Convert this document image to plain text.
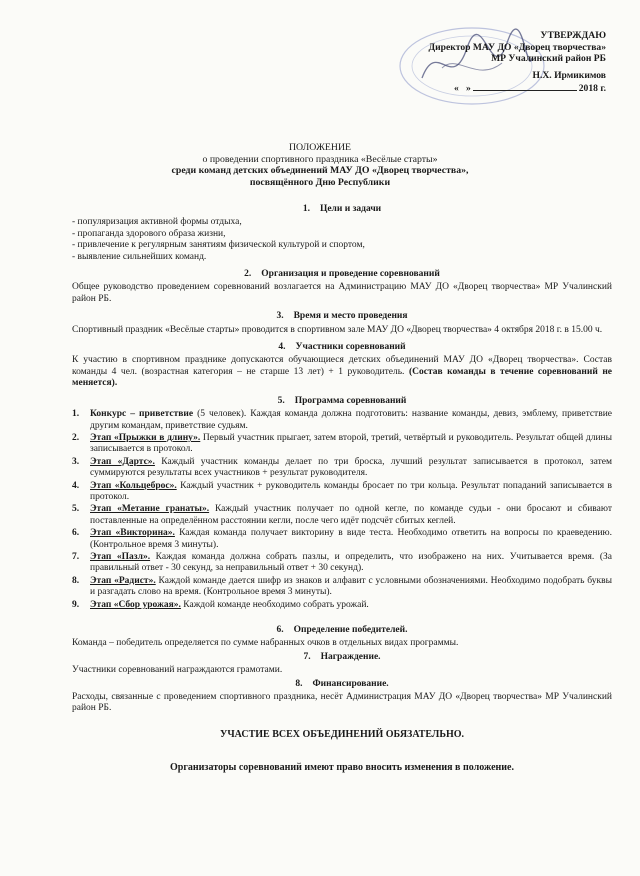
УТВЕРЖДАЮ
Директор МАУ ДО «Дворец творчества»
МР Учалинский район РБ
Н.Х. Ирмикимов
« »	2018 г.
ПОЛОЖЕНИЕ
о проведении спортивного праздника «Весёлые старты»
среди команд детских объединений МАУ ДО «Дворец творчества»,
посвящённого Дню Республики
1. Цели и задачи
- популяризация активной формы отдыха,
- пропаганда здорового образа жизни,
- привлечение к регулярным занятиям физической культурой и спортом,
- выявление сильнейших команд.
2. Организация и проведение соревнований

Общее руководство проведением соревнований возлагается на Администрацию МАУ ДО «Дворец творчества» МР Учалинский район РБ.

3. Время и место проведения

Спортивный праздник «Весёлые старты» проводится в спортивном зале МАУ ДО «Дворец творчества» 4 октября 2018 г. в 15.00 ч.

4. Участники соревнований

К участию в спортивном празднике допускаются обучающиеся детских объединений МАУ ДО «Дворец творчества». Состав команды 4 чел. (возрастная категория – не старше 13 лет) + 1 руководитель. (Состав команды в течение соревнований не меняется).

5. Программа соревнований
1. Конкурс – приветствие (5 человек). Каждая команда должна подготовить: название команды, девиз, эмблему, приветствие другим командам, приветствие судьям.
2. Этап «Прыжки в длину». Первый участник прыгает, затем второй, третий, четвёртый и руководитель. Результат общей длины записывается в протокол.
3. Этап «Дартс». Каждый участник команды делает по три броска, лучший результат записывается в протокол, затем суммируются результаты всех участников + результат руководителя.
4. Этап «Кольцеброс». Каждый участник + руководитель команды бросает по три кольца. Результат попаданий записывается в протокол.
5. Этап «Метание гранаты». Каждый участник получает по одной кегле, по команде судьи - они бросают и сбивают поставленные на определённом расстоянии кегли, после чего идёт подсчёт сбитых кеглей.
6. Этап «Викторина». Каждая команда получает викторину в виде теста. Необходимо ответить на вопросы по краеведению. (Контрольное время 3 минуты).
7. Этап «Пазл». Каждая команда должна собрать пазлы, и определить, что изображено на них. Учитывается время. (За правильный ответ - 30 секунд, за неправильный ответ + 30 секунд).
8. Этап «Радист». Каждой команде дается шифр из знаков и алфавит с условными обозначениями. Необходимо подобрать буквы и разгадать слово на время. (Контрольное время 3 минуты).
9. Этап «Сбор урожая». Каждой команде необходимо собрать урожай.
6. Определение победителей.

Команда – победитель определяется по сумме набранных очков в отдельных видах программы.

7. Награждение.

Участники соревнований награждаются грамотами.

8. Финансирование.

Расходы, связанные с проведением спортивного праздника, несёт Администрация МАУ ДО «Дворец творчества» МР Учалинский район РБ.

УЧАСТИЕ ВСЕХ ОБЪЕДИНЕНИЙ ОБЯЗАТЕЛЬНО.
Организаторы соревнований имеют право вносить изменения в положение.
